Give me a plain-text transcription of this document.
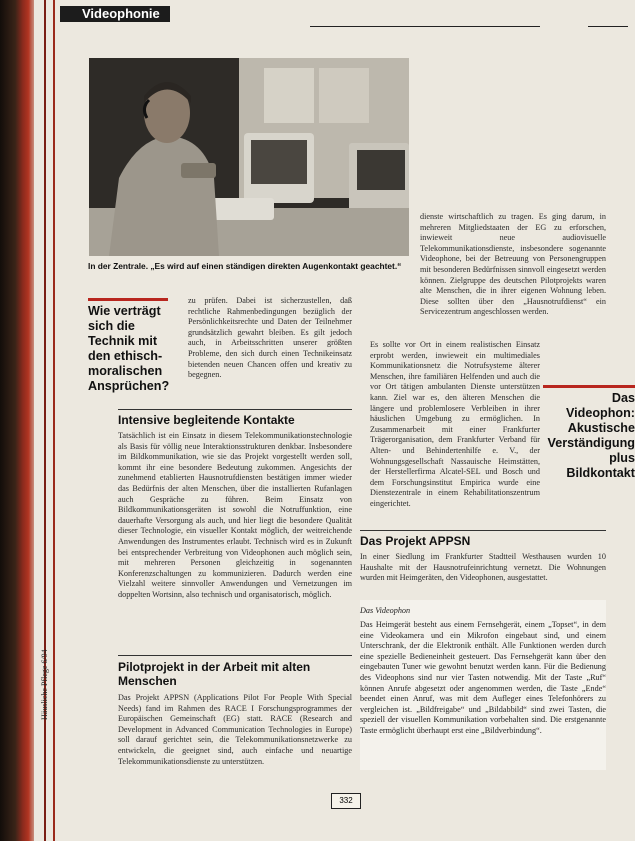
Videophonie
In der Zentrale. „Es wird auf einen ständigen direkten Augenkontakt geachtet.“
Wie verträgt sich die Technik mit den ethisch-moralischen Ansprüchen?
zu prüfen. Dabei ist sicherzustellen, daß rechtliche Rahmenbedingungen bezüglich der Persönlichkeitsrechte und Daten der Teilnehmer grundsätzlich gewahrt bleiben. Es gilt jedoch auch, in Arbeitsschritten unserer größten Probleme, den sich durch einen Technikeinsatz bietenden neuen Chancen offen und kreativ zu begegnen.
Intensive begleitende Kontakte
Tatsächlich ist ein Einsatz in diesem Telekommunikationstechnologie als Basis für völlig neue Interaktionsstrukturen denkbar. Insbesondere im Bildkommunikation, wie sie das Projekt vorgestellt werden soll, kommt ihr eine besondere Bedeutung zukommen. Angesichts der zunehmend etablierten Hausnotrufdiensten bestätigen immer wieder das Bedürfnis der alten Menschen, über die installierten Rufanlagen auch Gespräche zu führen. Beim Einsatz von Bildkommunikationsgeräten ist sowohl die Notruffunktion, eine dauerhafte Versorgung als auch, und hier liegt die besondere Qualität dieser Technologie, ein visueller Kontakt möglich, der weitreichende Anwendungen des Instrumentes erlaubt. Technisch wird es in Zukunft bei entsprechender Verbreitung von Videophonen auch möglich sein, mit mehreren Personen gleichzeitig in sogenannten Konferenzschaltungen zu kommunizieren. Dadurch werden eine Vielzahl weitere sinnvoller Anwendungen und Vernetzungen im doppelten Wortsinn, also technisch und organisatorisch, möglich.
Pilotprojekt in der Arbeit mit alten Menschen
Das Projekt APPSN (Applications Pilot For People With Special Needs) fand im Rahmen des RACE I Forschungsprogrammes der Europäischen Gemeinschaft (EG) statt. RACE (Research and Development in Advanced Communication Technologies in Europe) soll darauf gerichtet sein, die Telekommunikationsnetzwerke zu entwickeln, die geeignet sind, auch einfache und neuartige Telekommunikationsdienste zu unterstützen.
dienste wirtschaftlich zu tragen. Es ging darum, in mehreren Mitgliedstaaten der EG zu erforschen, inwieweit neue audiovisuelle Telekommunikationsdienste, insbesondere sogenannte Videophone, bei der Betreuung von Personengruppen mit besonderen Bedürfnissen sinnvoll eingesetzt werden können. Zielgruppe des deutschen Pilotprojekts waren alte Menschen, die in ihrer eigenen Wohnung leben. Diese sollten über den „Hausnotrufdienst“ ein Servicezentrum angeschlossen werden.
Es sollte vor Ort in einem realistischen Einsatz erprobt werden, inwieweit ein multimediales Kommunikationsnetz die Notrufsysteme älterer Menschen, ihre familiären Helfenden und auch die vor Ort tätigen ambulanten Dienste unterstützen kann. Ziel war es, den älteren Menschen die längere und problemlosere Verbleiben in ihrer häuslichen Umgebung zu ermöglichen. In Zusammenarbeit mit einer Frankfurter Trägerorganisation, dem Frankfurter Verband für Alten- und Behindertenhilfe e. V., der Wohnungsgesellschaft Nassauische Heimstätten, der Herstellerfirma Alcatel-SEL und Bosch und dem Forschungsinstitut Empirica wurde eine Dienstezentrale in einem Rehabilitationszentrum eingerichtet.
Das Videophon: Akustische Verständigung plus Bildkontakt
Das Projekt APPSN
In einer Siedlung im Frankfurter Stadtteil Westhausen wurden 10 Haushalte mit der Hausnotrufeinrichtung vernetzt. Die Wohnungen wurden mit Heimgeräten, den Videophonen, ausgestattet.
Das Videophon
Das Heimgerät besteht aus einem Fernsehgerät, einem „Topset“, in dem eine Videokamera und ein Mikrofon eingebaut sind, und einem Unterschrank, der die Elektronik enthält. Alle Funktionen werden durch eine spezielle Bedieneinheit gesteuert. Das Fernsehgerät kann über den eingebauten Tuner wie gewohnt benutzt werden kann. Für die Bedienung des Videophons sind nur vier Tasten notwendig. Mit der Taste „Ruf“ können Anrufe abgesetzt oder angenommen werden, die Taste „Ende“ beendet einen Anruf, was mit dem Aufleger eines Telefonhörers zu vergleichen ist. „Bildfreigabe“ und „Bildabbild“ sind zwei Tasten, die speziell der visuellen Kommunikation vorbehalten sind. Die erstgenannte Taste ermöglicht überhaupt erst eine „Bildverbindung“.
Häusliche Pflege 6/94
332
